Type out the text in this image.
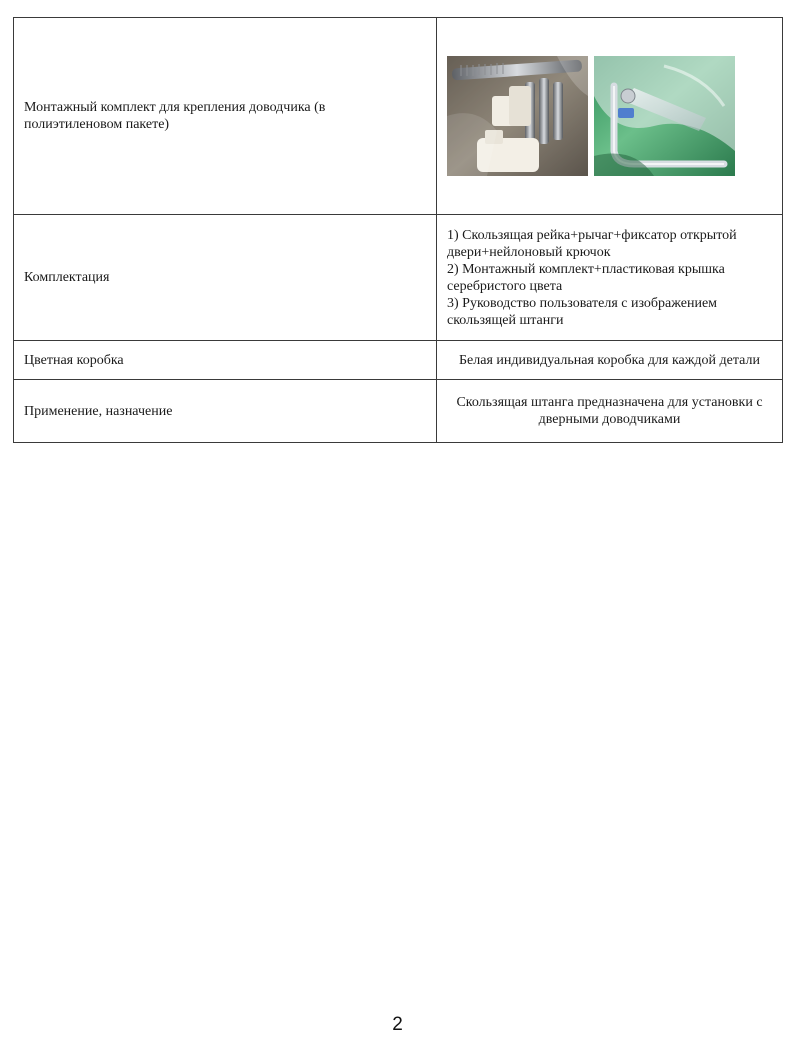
Монтажный комплект для крепления доводчика (в полиэтиленовом пакете)	

Комплектация	1) Скользящая рейка+рычаг+фиксатор открытой двери+нейлоновый крючок
2) Монтажный комплект+пластиковая крышка серебристого цвета
3) Руководство пользователя с изображением скользящей штанги

Цветная коробка	Белая индивидуальная коробка для каждой детали
Применение, назначение	Скользящая штанга предназначена для установки с дверными доводчиками
2
